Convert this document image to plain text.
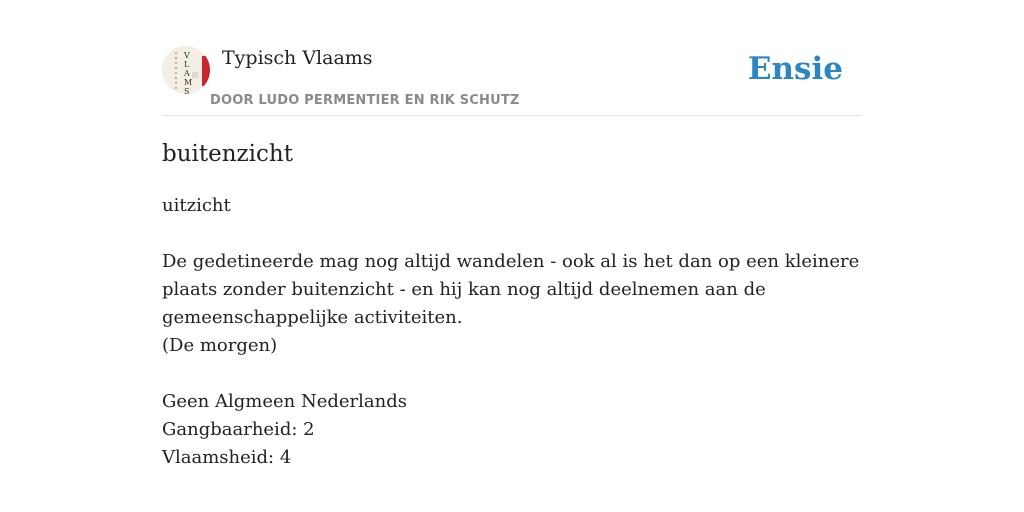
V
L
A
M
S
Typisch Vlaams
DOOR LUDO PERMENTIER EN RIK SCHUTZ
Ensie
buitenzicht
uitzicht
De gedetineerde mag nog altijd wandelen - ook al is het dan op een kleinere
plaats zonder buitenzicht - en hij kan nog altijd deelnemen aan de
gemeenschappelijke activiteiten.
(De morgen)
Geen Algmeen Nederlands
Gangbaarheid: 2
Vlaamsheid: 4
